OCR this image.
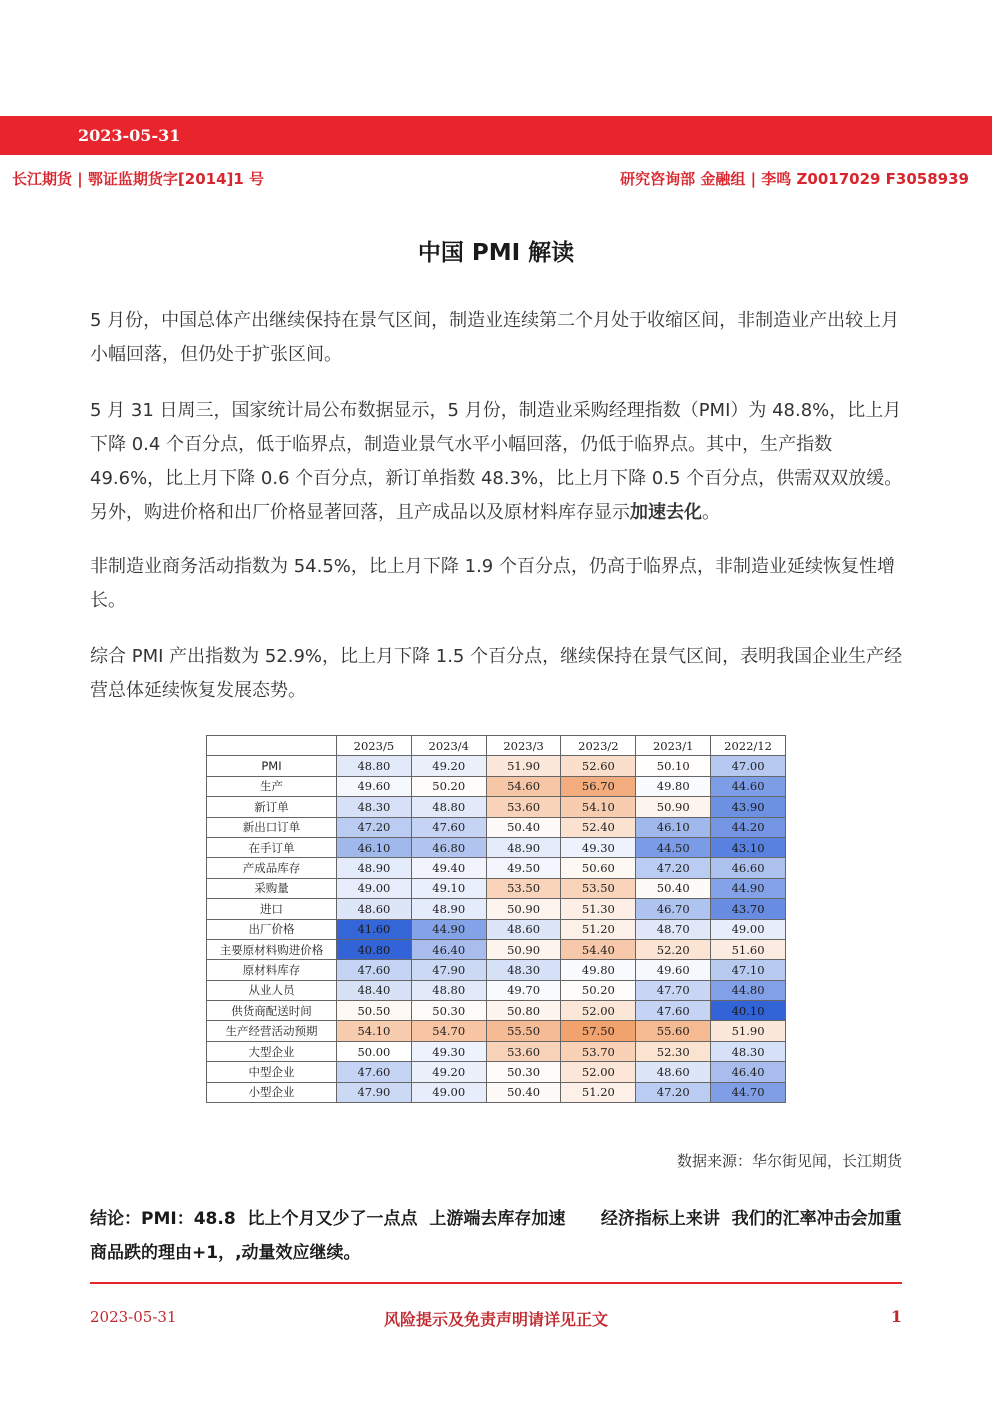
2023-05-31
长江期货 | 鄂证监期货字[2014]1 号	研究咨询部 金融组 | 李鸣 Z0017029 F3058939
中国 PMI 解读
5 月份，中国总体产出继续保持在景气区间，制造业连续第二个月处于收缩区间，非制造业产出较上月小幅回落，但仍处于扩张区间。
5 月 31 日周三，国家统计局公布数据显示，5 月份，制造业采购经理指数（PMI）为 48.8%，比上月下降 0.4 个百分点，低于临界点，制造业景气水平小幅回落，仍低于临界点。其中，生产指数 49.6%，比上月下降 0.6 个百分点，新订单指数 48.3%，比上月下降 0.5 个百分点，供需双双放缓。另外，购进价格和出厂价格显著回落，且产成品以及原材料库存显示加速去化。
非制造业商务活动指数为 54.5%，比上月下降 1.9 个百分点，仍高于临界点，非制造业延续恢复性增长。
综合 PMI 产出指数为 52.9%，比上月下降 1.5 个百分点，继续保持在景气区间，表明我国企业生产经营总体延续恢复发展态势。
	2023/5	2023/4	2023/3	2023/2	2023/1	2022/12
PMI	48.80	49.20	51.90	52.60	50.10	47.00
生产	49.60	50.20	54.60	56.70	49.80	44.60
新订单	48.30	48.80	53.60	54.10	50.90	43.90
新出口订单	47.20	47.60	50.40	52.40	46.10	44.20
在手订单	46.10	46.80	48.90	49.30	44.50	43.10
产成品库存	48.90	49.40	49.50	50.60	47.20	46.60
采购量	49.00	49.10	53.50	53.50	50.40	44.90
进口	48.60	48.90	50.90	51.30	46.70	43.70
出厂价格	41.60	44.90	48.60	51.20	48.70	49.00
主要原材料购进价格	40.80	46.40	50.90	54.40	52.20	51.60
原材料库存	47.60	47.90	48.30	49.80	49.60	47.10
从业人员	48.40	48.80	49.70	50.20	47.70	44.80
供货商配送时间	50.50	50.30	50.80	52.00	47.60	40.10
生产经营活动预期	54.10	54.70	55.50	57.50	55.60	51.90
大型企业	50.00	49.30	53.60	53.70	52.30	48.30
中型企业	47.60	49.20	50.30	52.00	48.60	46.40
小型企业	47.90	49.00	50.40	51.20	47.20	44.70
数据来源：华尔街见闻，长江期货
结论：PMI：48.8  比上个月又少了一点点  上游端去库存加速      经济指标上来讲  我们的汇率冲击会加重  商品跌的理由+1，,动量效应继续。
2023-05-31	风险提示及免责声明请详见正文	1
